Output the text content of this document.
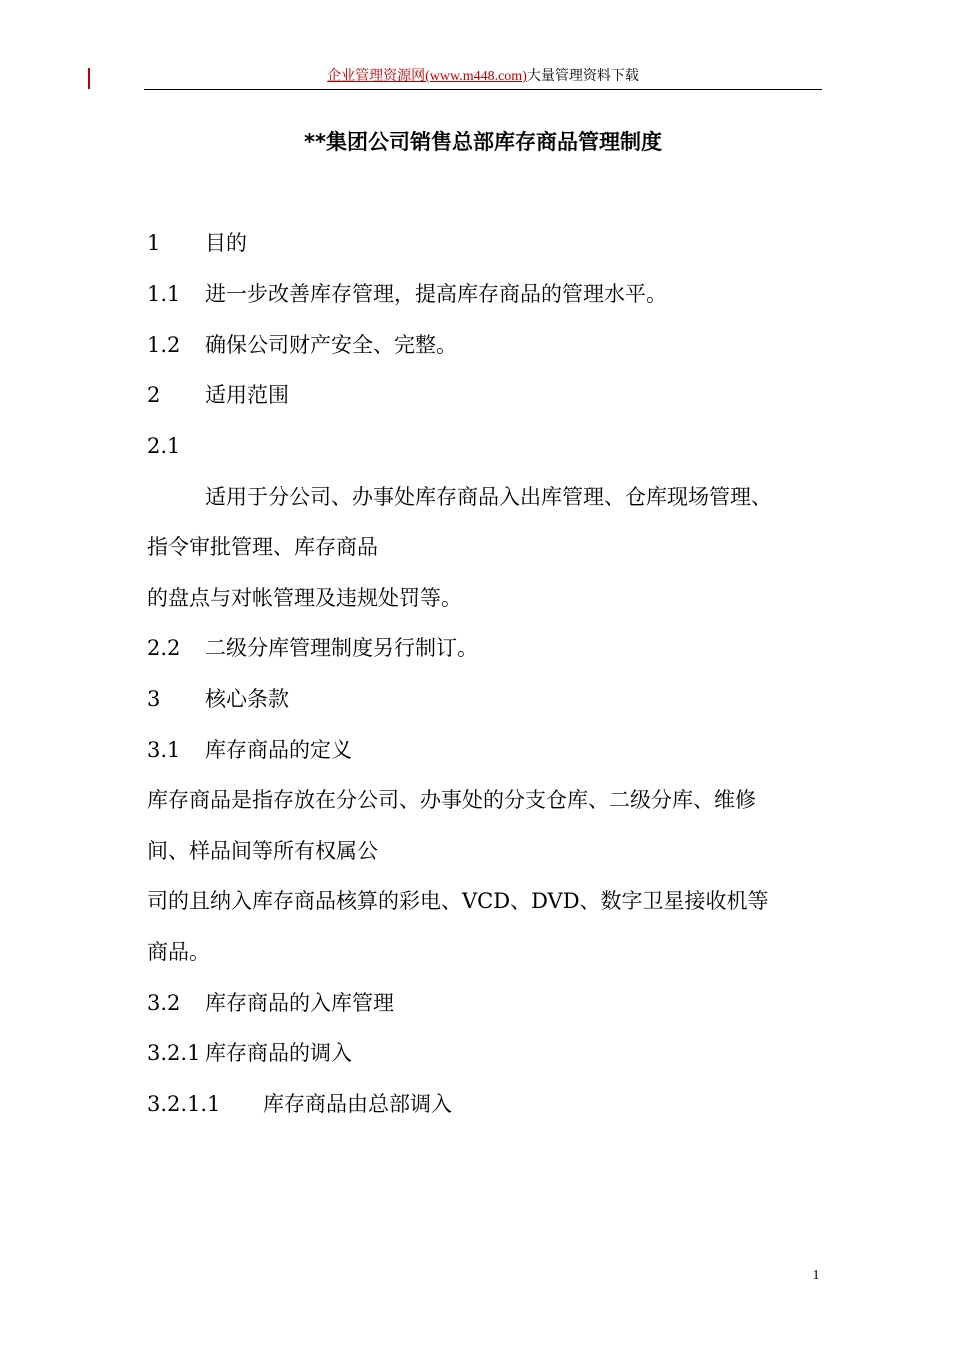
企业管理资源网(www.m448.com)大量管理资料下载
**集团公司销售总部库存商品管理制度
1 目的
1.1 进一步改善库存管理，提高库存商品的管理水平。
1.2 确保公司财产安全、完整。
2 适用范围
2.1
适用于分公司、办事处库存商品入出库管理、仓库现场管理、
指令审批管理、库存商品
的盘点与对帐管理及违规处罚等。
2.2 二级分库管理制度另行制订。
3 核心条款
3.1 库存商品的定义
库存商品是指存放在分公司、办事处的分支仓库、二级分库、维修
间、样品间等所有权属公
司的且纳入库存商品核算的彩电、VCD、DVD、数字卫星接收机等
商品。
3.2 库存商品的入库管理
3.2.1 库存商品的调入
3.2.1.1 库存商品由总部调入
1
